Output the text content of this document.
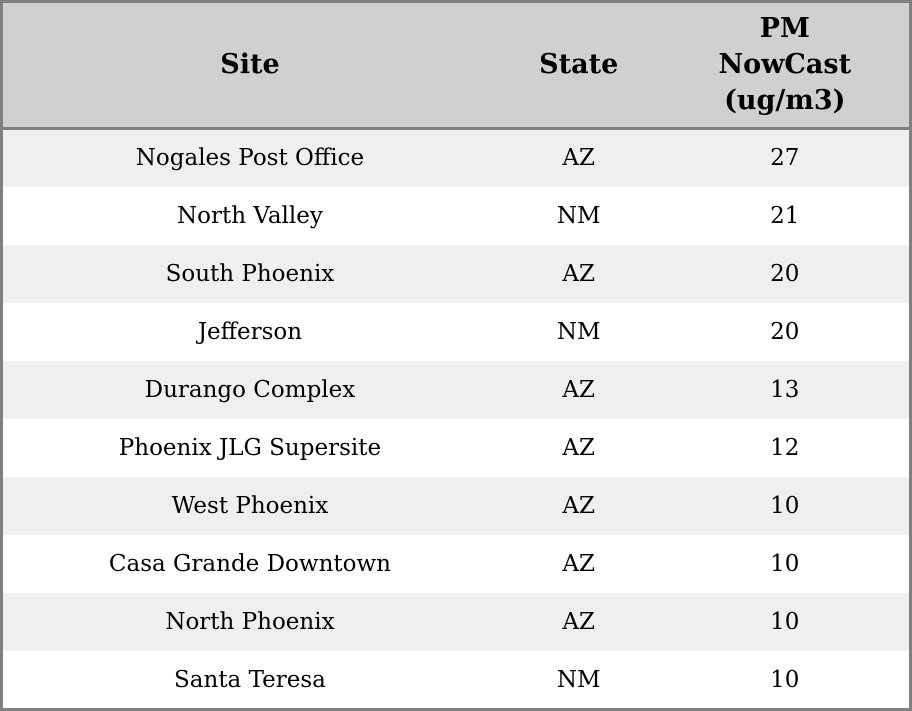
Site	State	PM NowCast (ug/m3)
Nogales Post Office	AZ	27
North Valley	NM	21
South Phoenix	AZ	20
Jefferson	NM	20
Durango Complex	AZ	13
Phoenix JLG Supersite	AZ	12
West Phoenix	AZ	10
Casa Grande Downtown	AZ	10
North Phoenix	AZ	10
Santa Teresa	NM	10
